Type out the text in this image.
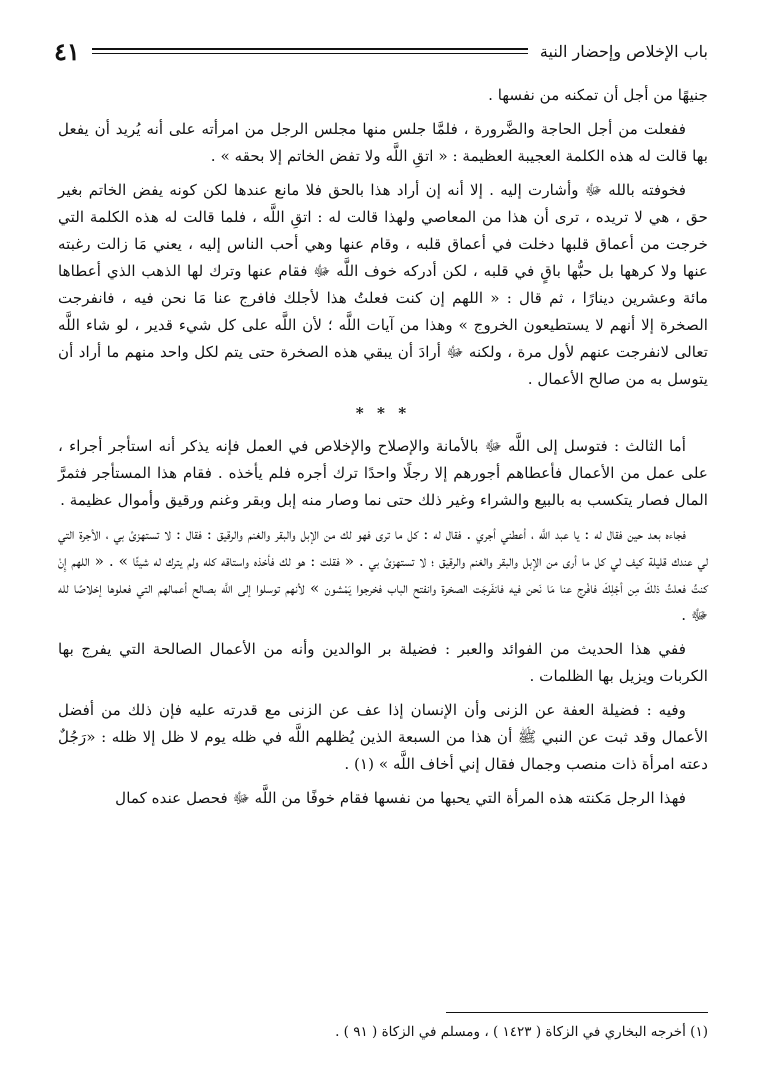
باب الإخلاص وإحضار النية
٤١

جنيهًا من أجل أن تمكنه من نفسها .

ففعلت من أجل الحاجة والضَّرورة ، فلمَّا جلس منها مجلس الرجل من امرأته على أنه يُريد أن يفعل بها قالت له هذه الكلمة العجيبة العظيمة : « اتقِ اللَّه ولا تفض الخاتم إلا بحقه » .

فخوفته بالله ﷻ وأشارت إليه . إلا أنه إن أراد هذا بالحق فلا مانع عندها لكن كونه يفض الخاتم بغير حق ، هي لا تريده ، ترى أن هذا من المعاصي ولهذا قالت له : اتقِ اللَّه ، فلما قالت له هذه الكلمة التي خرجت من أعماق قلبها دخلت في أعماق قلبه ، وقام عنها وهي أحب الناس إليه ، يعني مَا زالت رغبته عنها ولا كرهها بل حبُّها باقٍ في قلبه ، لكن أدركه خوف اللَّه ﷻ فقام عنها وترك لها الذهب الذي أعطاها مائة وعشرين دينارًا ، ثم قال : « اللهم إن كنت فعلتُ هذا لأجلك فافرج عنا مَا نحن فيه ، فانفرجت الصخرة إلا أنهم لا يستطيعون الخروج » وهذا من آيات اللَّه ؛ لأن اللَّه على كل شيء قدير ، لو شاء اللَّه تعالى لانفرجت عنهم لأول مرة ، ولكنه ﷻ أرادَ أن يبقي هذه الصخرة حتى يتم لكل واحد منهم ما أراد أن يتوسل به من صالح الأعمال .

* * *

أما الثالث : فتوسل إلى اللَّه ﷻ بالأمانة والإصلاح والإخلاص في العمل فإنه يذكر أنه استأجر أجراء ، على عمل من الأعمال فأعطاهم أجورهم إلا رجلًا واحدًا ترك أجره فلم يأخذه . فقام هذا المستأجر فثمرَّ المال فصار يتكسب به بالبيع والشراء وغير ذلك حتى نما وصار منه إبل وبقر وغنم ورقيق وأموال عظيمة .

فجاءه بعد حين فقال له : يا عبد اللَّه ، أعطني أجري . فقال له : كل ما ترى فهو لك من الإبل والبقر والغنم والرقيق : فقال : لا تستهزئ بي ، الأجرة التي لي عندك قليلة كيف لي كل ما أرى من الإبل والبقر والغنم والرقيق ؛ لا تستهزئ بي . « فقلت : هو لك فأخذه واستاقه كله ولم يترك له شيئًا » . « اللهم إِنْ كنتُ فعلتُ ذلكَ مِن أجْلِكَ فافْرج عنا مَا نَحن فيه فانفَرجَت الصخرة وانفتح الباب فخرجوا يَمْشون » لأنهم توسلوا إلى اللَّه بصالح أعمالهم التي فعلوها إخلاصًا لله ﷻ .

ففي هذا الحديث من الفوائد والعبر : فضيلة بر الوالدين وأنه من الأعمال الصالحة التي يفرج بها الكربات ويزيل بها الظلمات .

وفيه : فضيلة العفة عن الزنى وأن الإنسان إذا عف عن الزنى مع قدرته عليه فإن ذلك من أفضل الأعمال وقد ثبت عن النبي ﷺ أن هذا من السبعة الذين يُظلهم اللَّه في ظله يوم لا ظل إلا ظله : «رَجُلٌ دعته امرأة ذات منصب وجمال فقال إني أخاف اللَّه » (١) .

فهذا الرجل مَكنته هذه المرأة التي يحبها من نفسها فقام خوفًا من اللَّه ﷻ فحصل عنده كمال

(١) أخرجه البخاري في الزكاة ( ١٤٢٣ ) ، ومسلم في الزكاة ( ٩١ ) .
